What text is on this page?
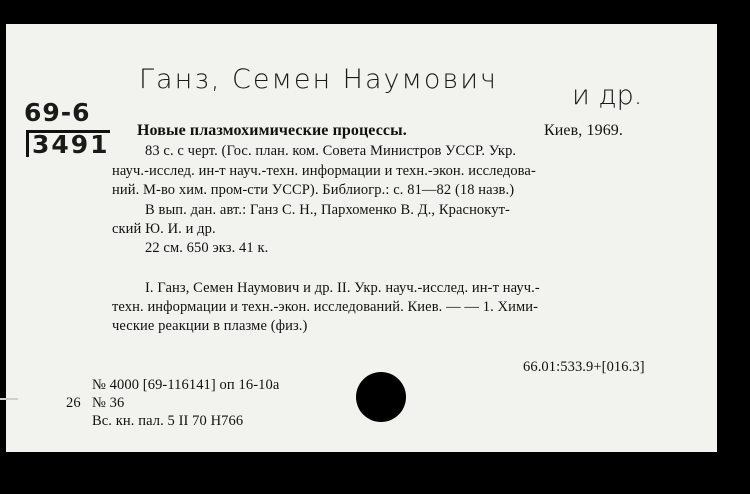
Ганз, Семен Наумович
и др.
69-6
3491 Новые плазмохимические процессы.	Киев, 1969.
83 с. с черт. (Гос. план. ком. Совета Министров УССР. Укр.
науч.-исслед. ин-т науч.-техн. информации и техн.-экон. исследова-
ний. М-во хим. пром-сти УССР). Библиогр.: с. 81—82 (18 назв.)
В вып. дан. авт.: Ганз С. Н., Пархоменко В. Д., Краснокут-
ский Ю. И. и др.
22 см. 650 экз. 41 к.
I. Ганз, Семен Наумович и др. II. Укр. науч.-исслед. ин-т науч.-
техн. информации и техн.-экон. исследований. Киев. — — 1. Хими-
ческие реакции в плазме (физ.)
66.01:533.9+[016.3]
№ 4000 [69-116141] оп 16-10а
26 № 36
Вс. кн. пал. 5 II 70 Н766
